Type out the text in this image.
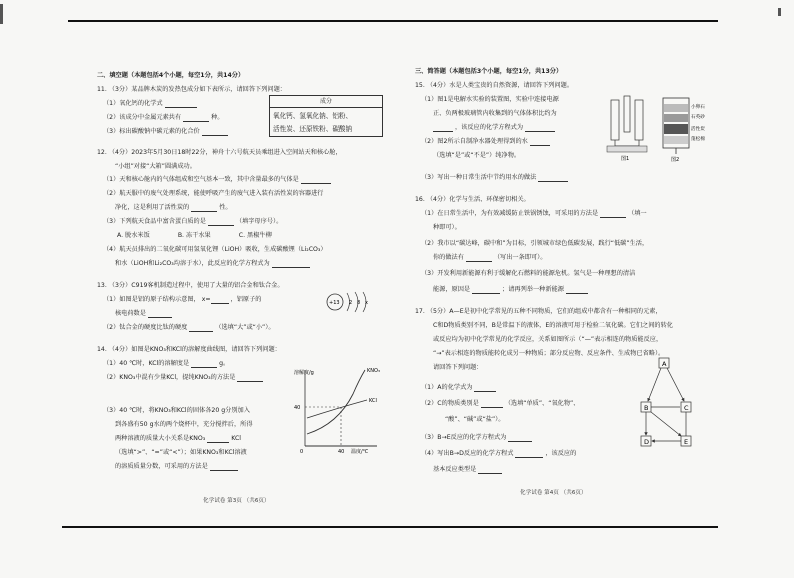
二、填空题（本题包括4个小题，每空1分，共14分）
11. （3分）某品牌木炭的发热包成分如下表所示，请回答下列问题：
（1）氧化钙的化学式
（2）该成分中金属元素共有	种。
（3）标出碳酸钠中碳元素的化合价
成分
氧化钙、氢氧化钠、铝粉、
活性炭、还原铁粉、碳酸钠
12. （4分）2023年5月30日18时22分，神舟十六号航天员乘组进入空间站天和核心舱，
“小组”对接“大箱”圆满成功。
（1）天和核心舱内的气体组成和空气基本一致，其中含量最多的气体是
（2）航天服中的废气处理系统，能使呼吸产生的废气进入装有活性炭的容器进行
净化，这是利用了活性炭的	性。
（3）下列航天食品中富含蛋白质的是	（填字母序号）。
A. 脱水米饭	B. 冻干水果	C. 黑椒牛柳
（4）航天员排出的二氧化碳可用氢氧化锂（LiOH）吸收，生成碳酸锂（Li₂CO₃）
和水（LiOH和Li₂CO₃均溶于水），此反应的化学方程式为
13. （3分）C919客机制造过程中，使用了大量的铝合金和钛合金。
（1）如图是铝的原子结构示意图， x=	，铝原子的
核电荷数是
（2）钛合金的硬度比钛的硬度	（选填“大”或“小”）。
+13 2 8 x
14. （4分）如图是KNO₃和KCl的溶解度曲线图，请回答下列问题：
（1）40 ℃时，KCl的溶解度是	g。
（2）KNO₃中混有少量KCl，提纯KNO₃的方法是
（3）40 ℃时，将KNO₃和KCl的固体各20 g分别加入
到各盛有50 g水的两个烧杯中，充分搅拌后，所得
两种溶液的质量大小关系是KNO₃	KCl
（选填“>”、“=”或“<”）；如果KNO₃和KCl溶液
的溶质质量分数，可采用的方法是
溶解度/g
40
40
0	温度/℃
KNO₃
KCl
化学试卷 第3页 （共6页）
三、简答题（本题包括3个小题，每空1分，共13分）
15. （4分）水是人类宝贵的自然资源，请回答下列问题。
（1）图1是电解水实验的装置图，实验中连接电源
正、负两极玻璃管内收集到的气体体积比约为
，该反应的化学方程式为
（2）图2所示自制净水器处理得到的水
（选填“是”或“不是”）纯净物。
（3）写出一种日常生活中节约用水的做法
图1
小卵石
石英砂
活性炭
蓬松棉
图2
16. （4分）化学与生活、环保密切相关。
（1）在日常生活中，为有效减缓防止铁锅锈蚀，可采用的方法是	（填一
种即可）。
（2）我市以“碳达峰，碳中和”为目标，引领城市绿色低碳发展，践行“低碳”生活，
你的做法有	（写出一条即可）。
（3）开发利用新能源有利于缓解化石燃料的能源危机。氢气是一种理想的清洁
能源，原因是	；请再列举一种新能源
17. （5分）A—E是初中化学常见的五种不同物质，它们的组成中都含有一种相同的元素，
C和D物质类别不同，B是常温下的液体，E的溶液可用于检验二氧化碳。它们之间的转化
或反应均为初中化学常见的化学反应，关系如图所示（“—”表示相连的物质能反应，
“→”表示相连的物质能转化成另一种物质；部分反应物、反应条件、生成物已省略）。
请回答下列问题：
（1）A的化学式为
（2）C的物质类别是	（选填“单质”、“氧化物”、
“酸”、“碱”或“盐”）。
（3）B→E反应的化学方程式为
（4）写出B→D反应的化学方程式	，该反应的
基本反应类型是
A
B	C
D	E
化学试卷 第4页 （共6页）
